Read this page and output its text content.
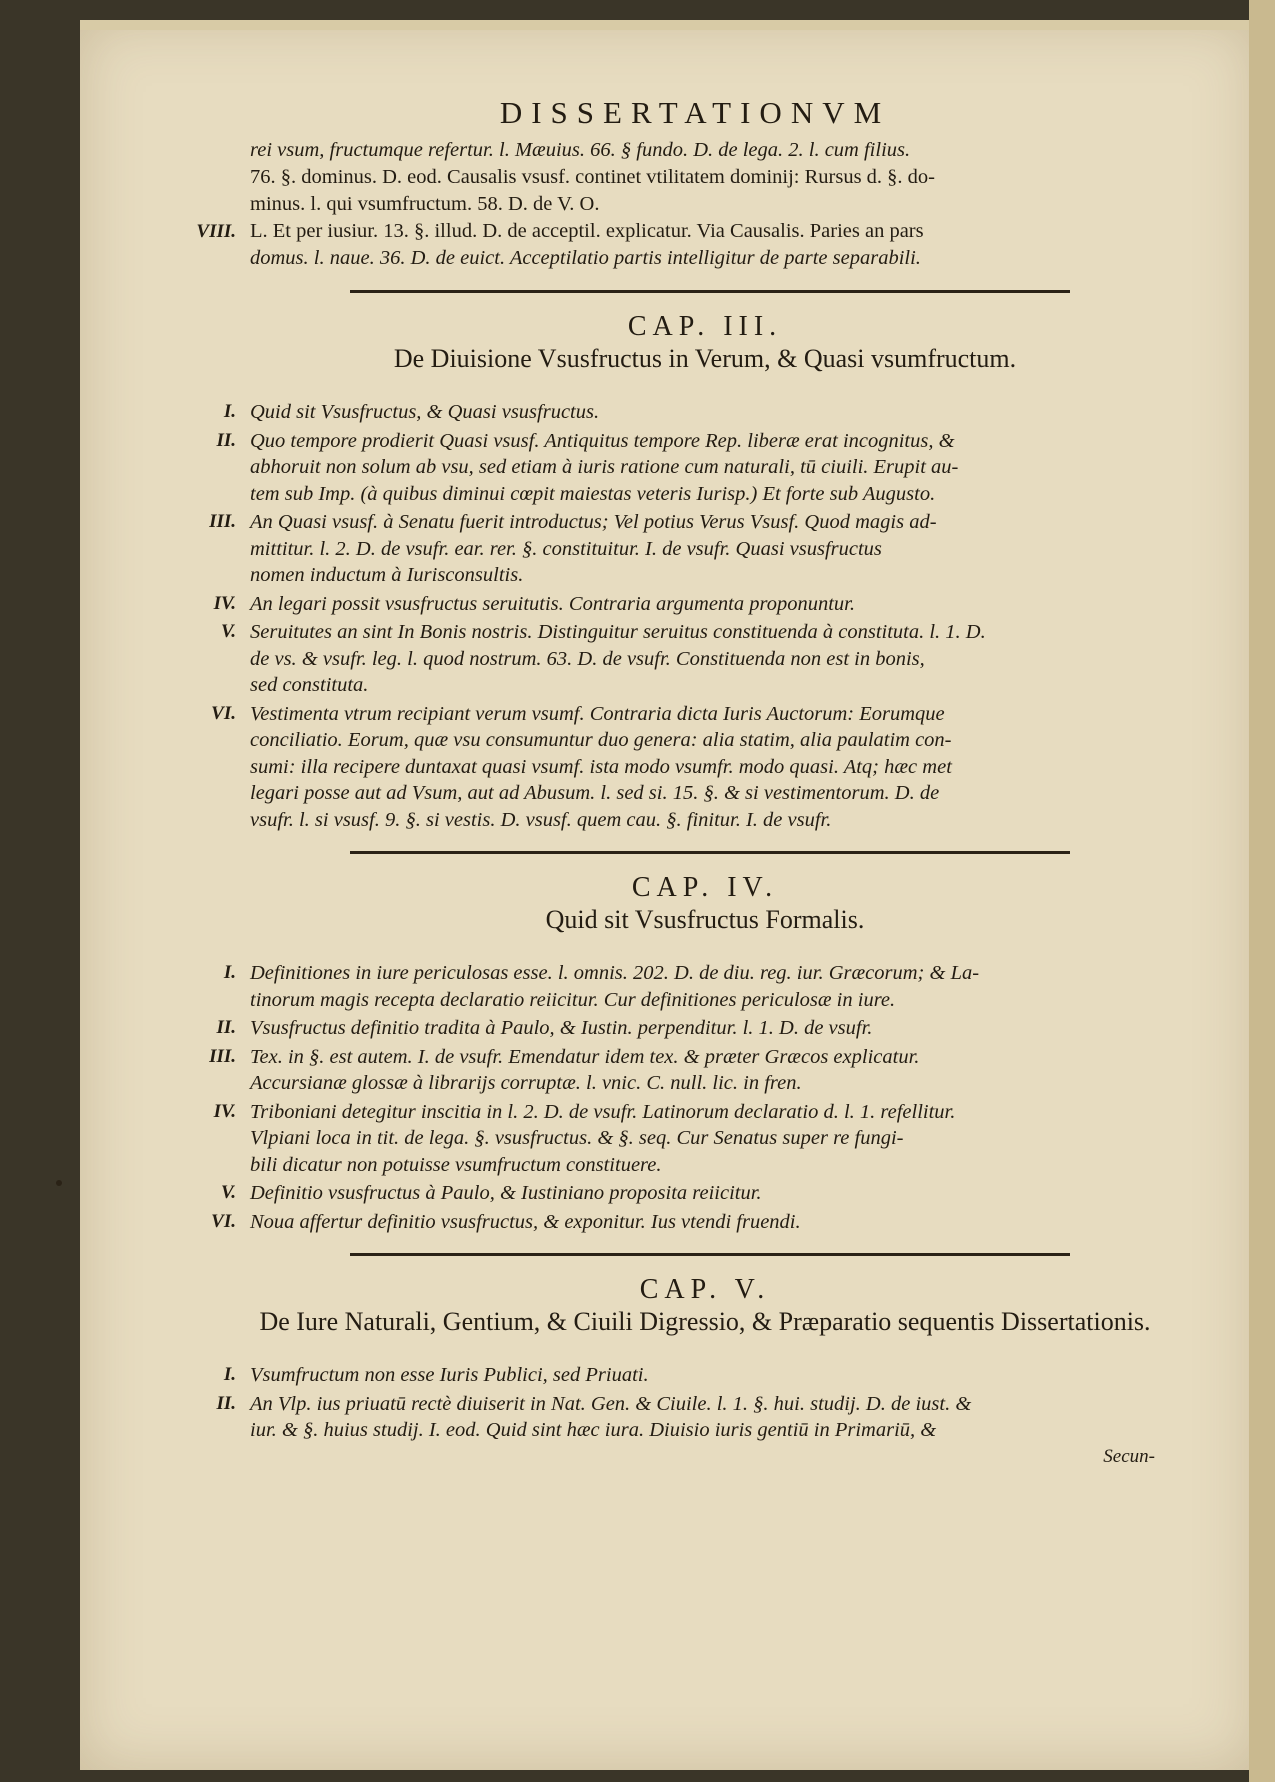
DISSERTATIONVM
rei vsum, fructumque refertur. l. Mæuius. 66. § fundo. D. de lega. 2. l. cum filius.
76. §. dominus. D. eod. Causalis vsusf. continet vtilitatem dominij: Rursus d. §. do-
minus. l. qui vsumfructum. 58. D. de V. O.
VIII. L. Et per iusiur. 13. §. illud. D. de acceptil. explicatur. Via Causalis. Paries an pars
domus. l. naue. 36. D. de euict. Acceptilatio partis intelligitur de parte separabili.
CAP. III.
De Diuisione Vsusfructus in Verum, & Quasi vsumfructum.
I. Quid sit Vsusfructus, & Quasi vsusfructus.
II. Quo tempore prodierit Quasi vsusf. Antiquitus tempore Rep. liberæ erat incognitus, &
abhoruit non solum ab vsu, sed etiam à iuris ratione cum naturali, tū ciuili. Erupit au-
tem sub Imp. (à quibus diminui cœpit maiestas veteris Iurisp.) Et forte sub Augusto.
III. An Quasi vsusf. à Senatu fuerit introductus; Vel potius Verus Vsusf. Quod magis ad-
mittitur. l. 2. D. de vsufr. ear. rer. §. constituitur. I. de vsufr. Quasi vsusfructus
nomen inductum à Iurisconsultis.
IV. An legari possit vsusfructus seruitutis. Contraria argumenta proponuntur.
V. Seruitutes an sint In Bonis nostris. Distinguitur seruitus constituenda à constituta. l. 1. D.
de vs. & vsufr. leg. l. quod nostrum. 63. D. de vsufr. Constituenda non est in bonis,
sed constituta.
VI. Vestimenta vtrum recipiant verum vsumf. Contraria dicta Iuris Auctorum: Eorumque
conciliatio. Eorum, quæ vsu consumuntur duo genera: alia statim, alia paulatim con-
sumi: illa recipere duntaxat quasi vsumf. ista modo vsumfr. modo quasi. Atq; hæc met
legari posse aut ad Vsum, aut ad Abusum. l. sed si. 15. §. & si vestimentorum. D. de
vsufr. l. si vsusf. 9. §. si vestis. D. vsusf. quem cau. §. finitur. I. de vsufr.
CAP. IV.
Quid sit Vsusfructus Formalis.
I. Definitiones in iure periculosas esse. l. omnis. 202. D. de diu. reg. iur. Græcorum; & La-
tinorum magis recepta declaratio reiicitur. Cur definitiones periculosæ in iure.
II. Vsusfructus definitio tradita à Paulo, & Iustin. perpenditur. l. 1. D. de vsufr.
III. Tex. in §. est autem. I. de vsufr. Emendatur idem tex. & præter Græcos explicatur.
Accursianæ glossæ à librarijs corruptæ. l. vnic. C. null. lic. in fren.
IV. Triboniani detegitur inscitia in l. 2. D. de vsufr. Latinorum declaratio d. l. 1. refellitur.
Vlpiani loca in tit. de lega. §. vsusfructus. & §. seq. Cur Senatus super re fungi-
bili dicatur non potuisse vsumfructum constituere.
V. Definitio vsusfructus à Paulo, & Iustiniano proposita reiicitur.
VI. Noua affertur definitio vsusfructus, & exponitur. Ius vtendi fruendi.
CAP. V.
De Iure Naturali, Gentium, & Ciuili Digressio, & Præparatio sequentis Dissertationis.
I. Vsumfructum non esse Iuris Publici, sed Priuati.
II. An Vlp. ius priuatū rectè diuiserit in Nat. Gen. & Ciuile. l. 1. §. hui. studij. D. de iust. &
iur. & §. huius studij. I. eod. Quid sint hæc iura. Diuisio iuris gentiū in Primariū, &
Secun-
